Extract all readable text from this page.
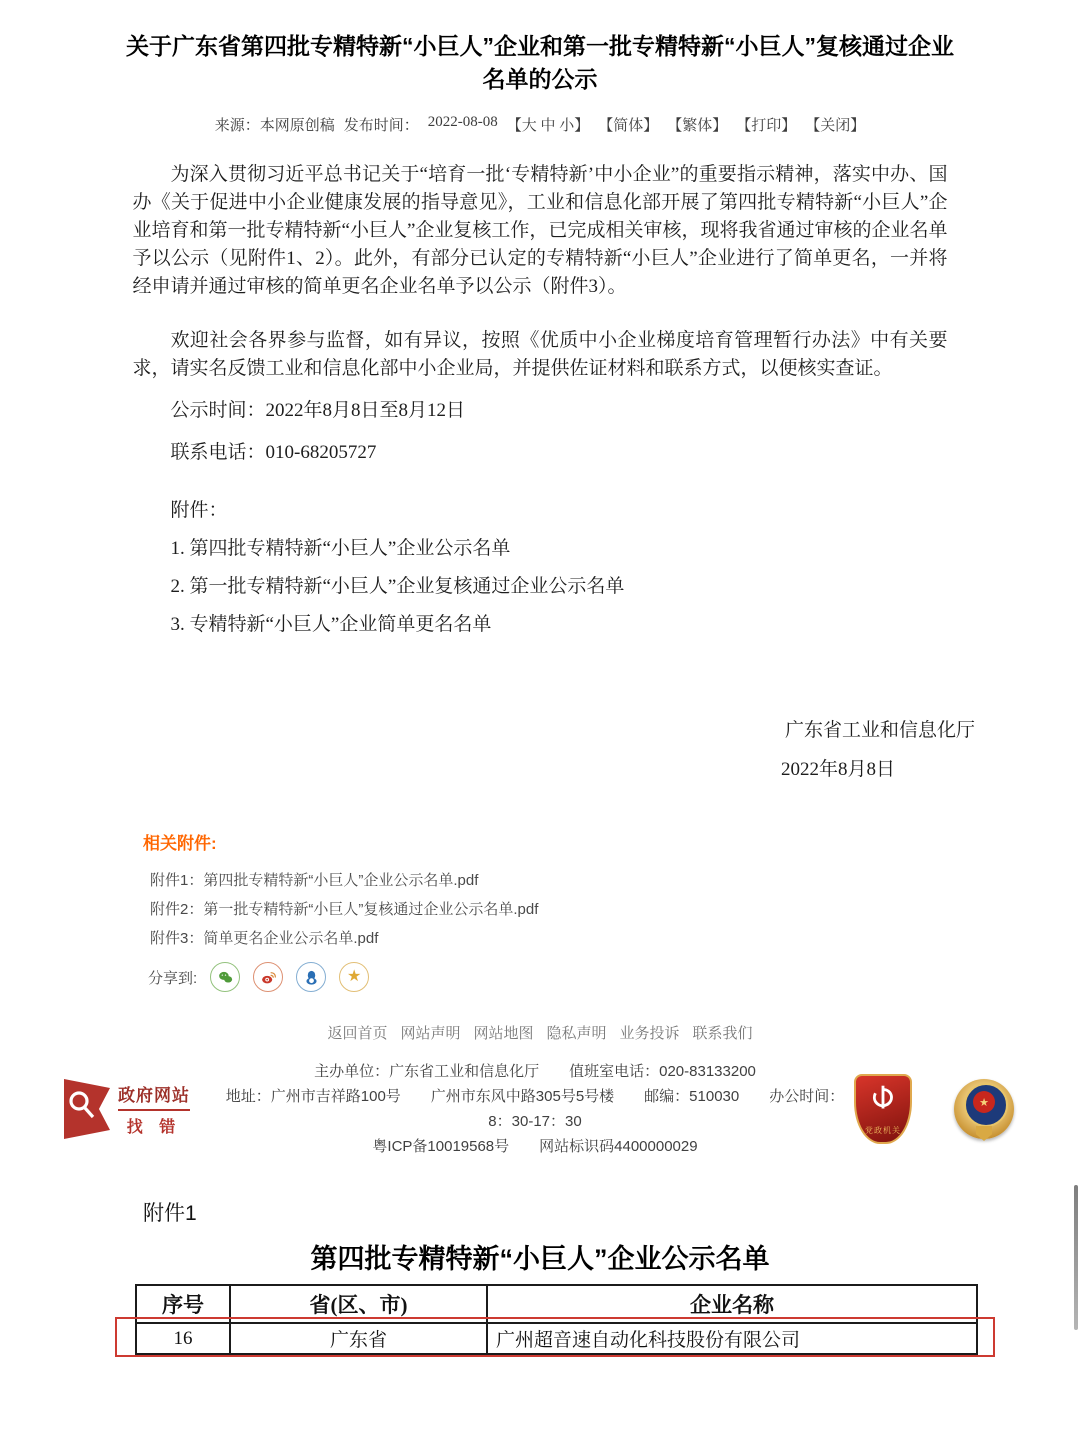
关于广东省第四批专精特新“小巨人”企业和第一批专精特新“小巨人”复核通过企业名单的公示
来源：本网原创稿 发布时间： 2022-08-08 【大 中 小】 【简体】 【繁体】 【打印】 【关闭】

为深入贯彻习近平总书记关于“培育一批‘专精特新’中小企业”的重要指示精神，落实中办、国办《关于促进中小企业健康发展的指导意见》，工业和信息化部开展了第四批专精特新“小巨人”企业培育和第一批专精特新“小巨人”企业复核工作，已完成相关审核，现将我省通过审核的企业名单予以公示（见附件1、2）。此外，有部分已认定的专精特新“小巨人”企业进行了简单更名，一并将经申请并通过审核的简单更名企业名单予以公示（附件3）。

欢迎社会各界参与监督，如有异议，按照《优质中小企业梯度培育管理暂行办法》中有关要求，请实名反馈工业和信息化部中小企业局，并提供佐证材料和联系方式，以便核实查证。

公示时间：2022年8月8日至8月12日

联系电话：010-68205727

附件：

1. 第四批专精特新“小巨人”企业公示名单

2. 第一批专精特新“小巨人”企业复核通过企业公示名单

3. 专精特新“小巨人”企业简单更名名单

广东省工业和信息化厅
2022年8月8日
相关附件:
附件1：第四批专精特新“小巨人”企业公示名单.pdf
附件2：第一批专精特新“小巨人”复核通过企业公示名单.pdf
附件3：简单更名企业公示名单.pdf
分享到:	★
返回首页 网站声明 网站地图 隐私声明 业务投诉 联系我们
政府网站
找 错
主办单位：广东省工业和信息化厅　　值班室电话：020-83133200
地址：广州市吉祥路100号　　广州市东风中路305号5号楼　　邮编：510030　　办公时间：8：30-17：30
粤ICP备10019568号　　网站标识码4400000029
党政机关
★
附件1
第四批专精特新“小巨人”企业公示名单
序号	省(区、市)	企业名称
16	广东省	广州超音速自动化科技股份有限公司
